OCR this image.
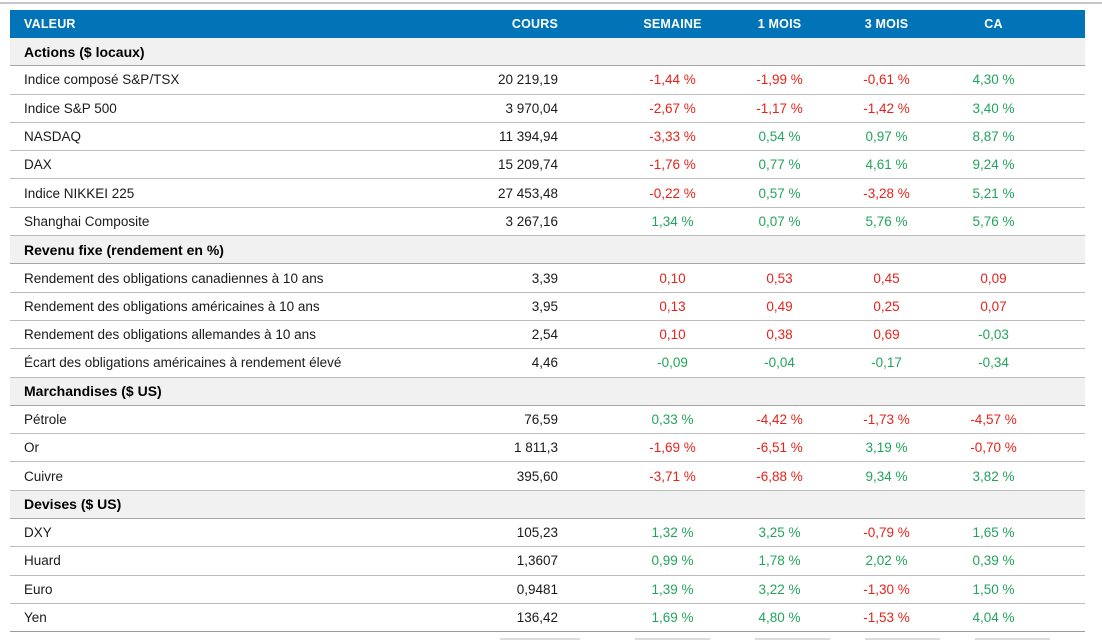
VALEUR	COURS	SEMAINE	1 MOIS	3 MOIS	CA	
Actions ($ locaux)						
Indice composé S&P/TSX	20 219,19	-1,44 %	-1,99 %	-0,61 %	4,30 %	
Indice S&P 500	3 970,04	-2,67 %	-1,17 %	-1,42 %	3,40 %	
NASDAQ	11 394,94	-3,33 %	0,54 %	0,97 %	8,87 %	
DAX	15 209,74	-1,76 %	0,77 %	4,61 %	9,24 %	
Indice NIKKEI 225	27 453,48	-0,22 %	0,57 %	-3,28 %	5,21 %	
Shanghai Composite	3 267,16	1,34 %	0,07 %	5,76 %	5,76 %	
Revenu fixe (rendement en %)						
Rendement des obligations canadiennes à 10 ans	3,39	0,10	0,53	0,45	0,09	
Rendement des obligations américaines à 10 ans	3,95	0,13	0,49	0,25	0,07	
Rendement des obligations allemandes à 10 ans	2,54	0,10	0,38	0,69	-0,03	
Écart des obligations américaines à rendement élevé	4,46	-0,09	-0,04	-0,17	-0,34	
Marchandises ($ US)						
Pétrole	76,59	0,33 %	-4,42 %	-1,73 %	-4,57 %	
Or	1 811,3	-1,69 %	-6,51 %	3,19 %	-0,70 %	
Cuivre	395,60	-3,71 %	-6,88 %	9,34 %	3,82 %	
Devises ($ US)						
DXY	105,23	1,32 %	3,25 %	-0,79 %	1,65 %	
Huard	1,3607	0,99 %	1,78 %	2,02 %	0,39 %	
Euro	0,9481	1,39 %	3,22 %	-1,30 %	1,50 %	
Yen	136,42	1,69 %	4,80 %	-1,53 %	4,04 %	
